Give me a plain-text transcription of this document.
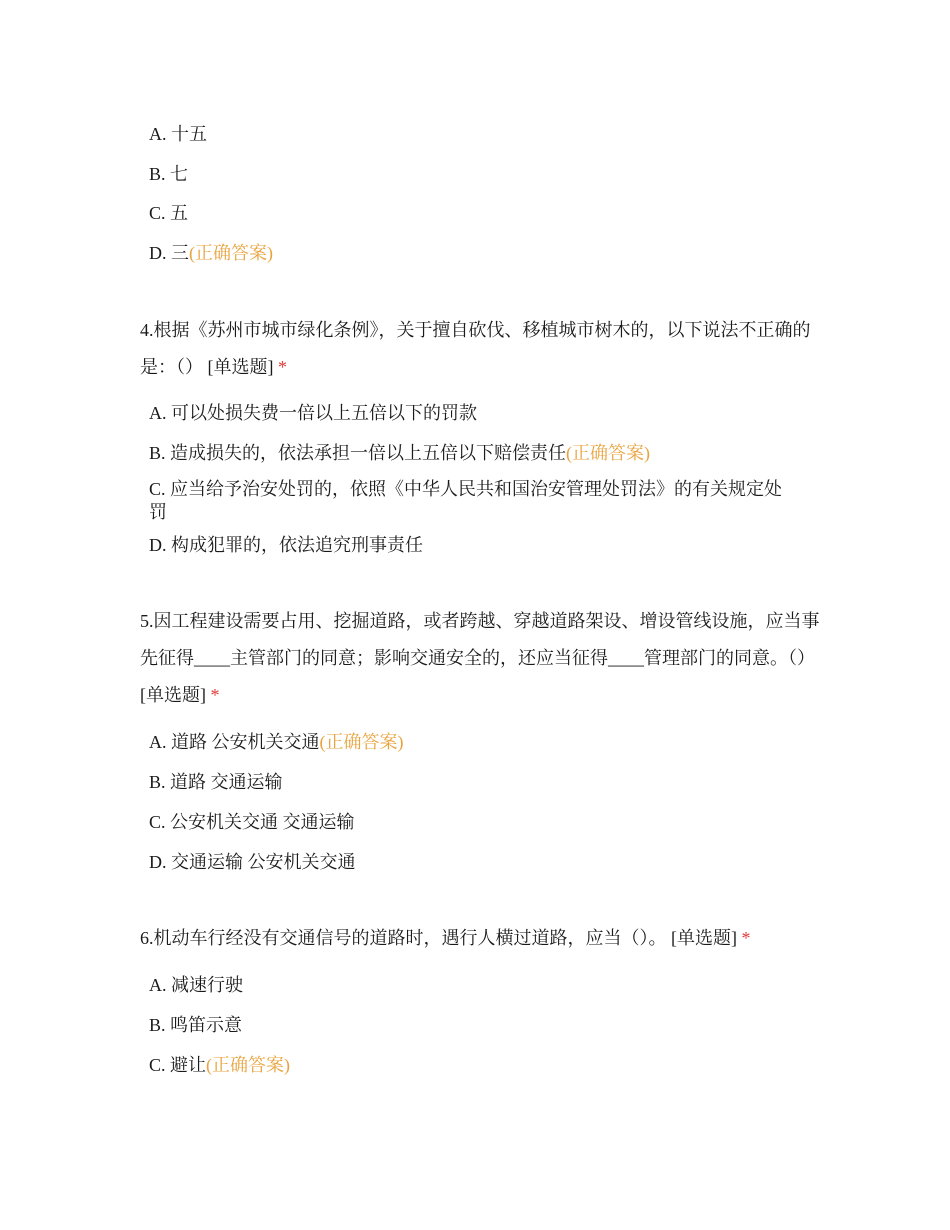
A. 十五
B. 七
C. 五
D. 三(正确答案)
4.根据《苏州市城市绿化条例》，关于擅自砍伐、移植城市树木的，以下说法不正确的是：（） [单选题] *
A. 可以处损失费一倍以上五倍以下的罚款
B. 造成损失的，依法承担一倍以上五倍以下赔偿责任(正确答案)
C. 应当给予治安处罚的，依照《中华人民共和国治安管理处罚法》的有关规定处罚
D. 构成犯罪的，依法追究刑事责任
5.因工程建设需要占用、挖掘道路，或者跨越、穿越道路架设、增设管线设施，应当事先征得____主管部门的同意；影响交通安全的，还应当征得____管理部门的同意。（） [单选题] *
A. 道路 公安机关交通(正确答案)
B. 道路 交通运输
C. 公安机关交通 交通运输
D. 交通运输 公安机关交通
6.机动车行经没有交通信号的道路时，遇行人横过道路，应当（）。 [单选题] *
A. 减速行驶
B. 鸣笛示意
C. 避让(正确答案)
